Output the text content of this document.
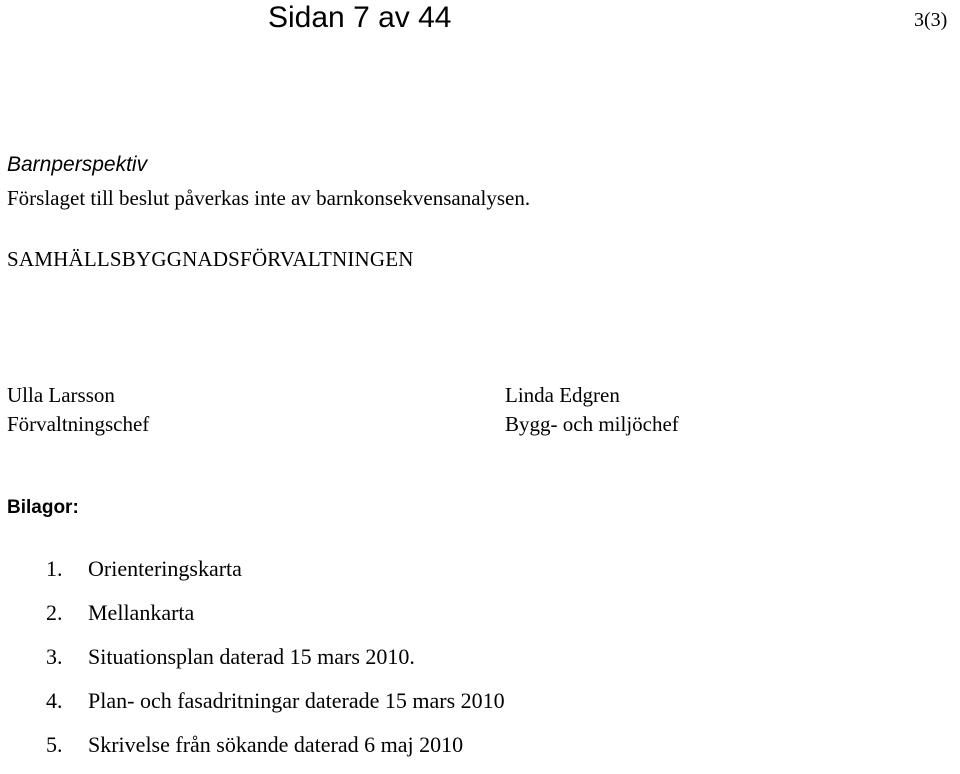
Sidan 7 av 44	3(3)
Barnperspektiv
Förslaget till beslut påverkas inte av barnkonsekvensanalysen.
SAMHÄLLSBYGGNADSFÖRVALTNINGEN
Ulla Larsson
Förvaltningschef
Linda Edgren
Bygg- och miljöchef
Bilagor:
1.	Orienteringskarta
2.	Mellankarta
3.	Situationsplan daterad 15 mars 2010.
4.	Plan- och fasadritningar daterade 15 mars 2010
5.	Skrivelse från sökande daterad 6 maj 2010
